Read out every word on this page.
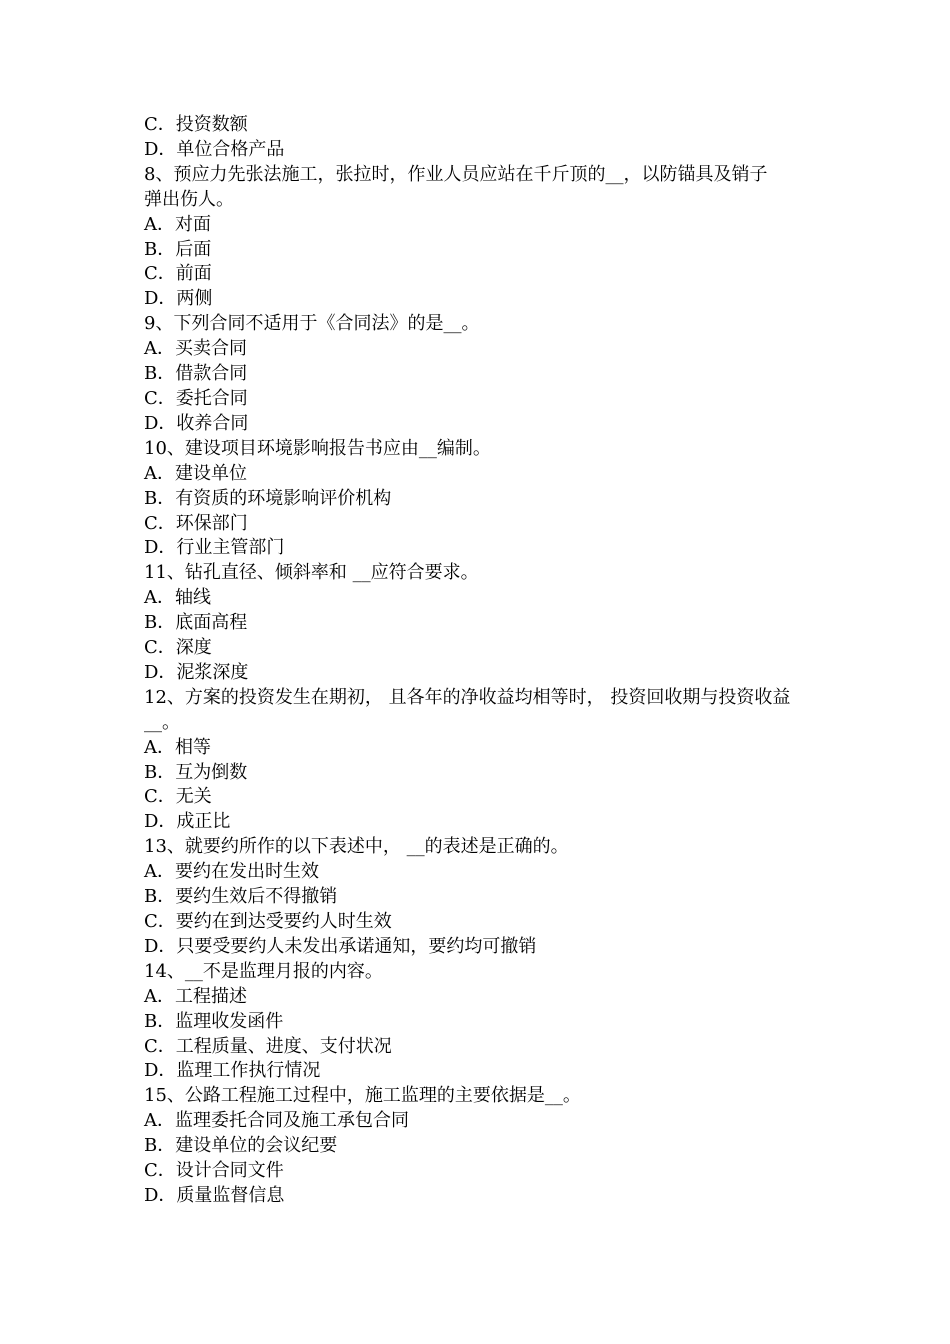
C．投资数额
D．单位合格产品
8、预应力先张法施工，张拉时，作业人员应站在千斤顶的__，以防锚具及销子
弹出伤人。
A．对面
B．后面
C．前面
D．两侧
9、下列合同不适用于《合同法》的是__。
A．买卖合同
B．借款合同
C．委托合同
D．收养合同
10、建设项目环境影响报告书应由__编制。
A．建设单位
B．有资质的环境影响评价机构
C．环保部门
D．行业主管部门
11、钻孔直径、倾斜率和 __应符合要求。
A．轴线
B．底面高程
C．深度
D．泥浆深度
12、方案的投资发生在期初， 且各年的净收益均相等时， 投资回收期与投资收益
__。
A．相等
B．互为倒数
C．无关
D．成正比
13、就要约所作的以下表述中， __的表述是正确的。
A．要约在发出时生效
B．要约生效后不得撤销
C．要约在到达受要约人时生效
D．只要受要约人未发出承诺通知，要约均可撤销
14、__不是监理月报的内容。
A．工程描述
B．监理收发函件
C．工程质量、进度、支付状况
D．监理工作执行情况
15、公路工程施工过程中，施工监理的主要依据是__。
A．监理委托合同及施工承包合同
B．建设单位的会议纪要
C．设计合同文件
D．质量监督信息
